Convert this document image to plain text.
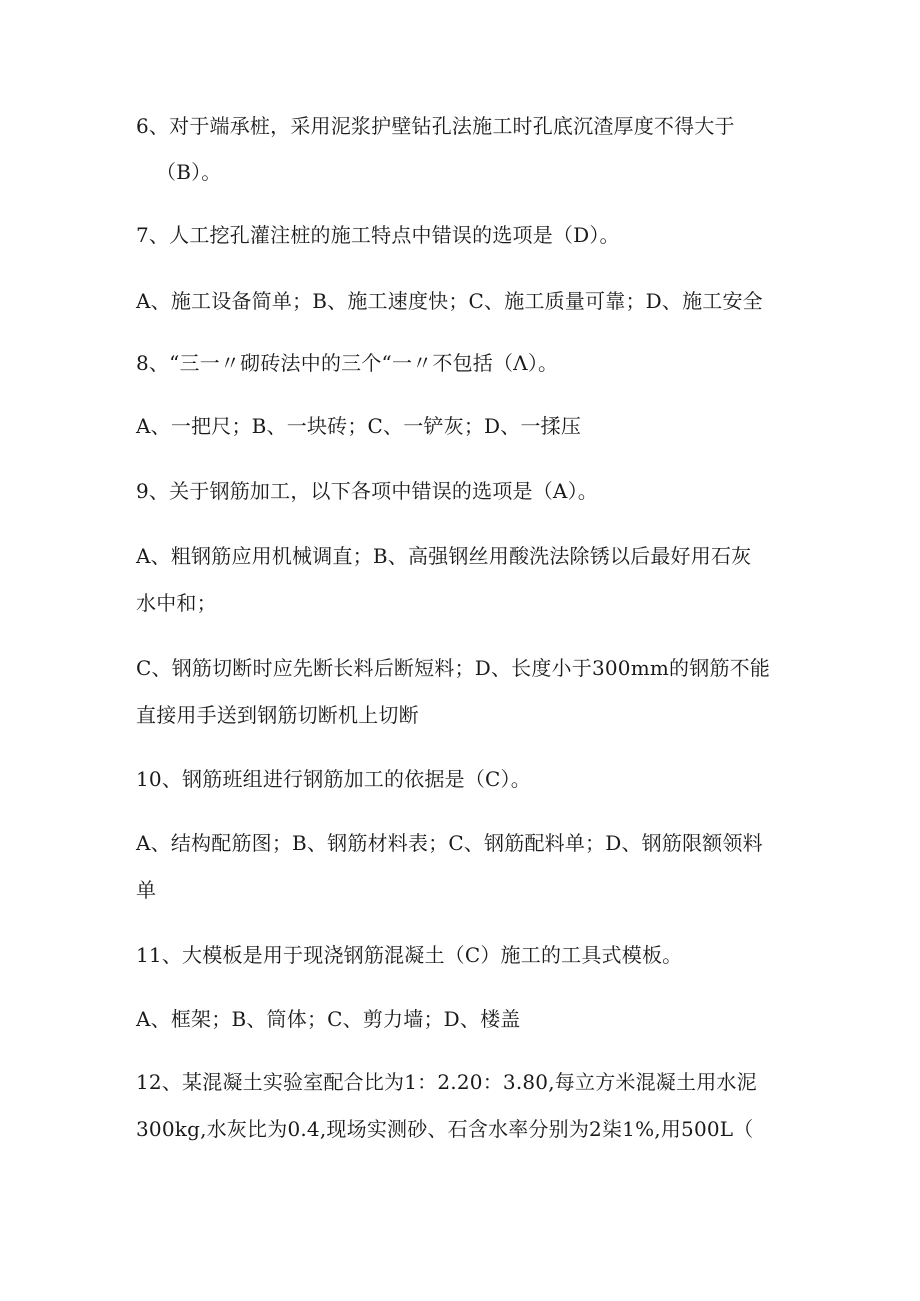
6、对于端承桩，采用泥浆护壁钻孔法施工时孔底沉渣厚度不得大于
（B）。
7、人工挖孔灌注桩的施工特点中错误的选项是（D）。
A、施工设备简单；B、施工速度快；C、施工质量可靠；D、施工安全
8、“三一〃砌砖法中的三个“一〃不包括（Λ）。
A、一把尺；B、一块砖；C、一铲灰；D、一揉压
9、关于钢筋加工，以下各项中错误的选项是（A）。
A、粗钢筋应用机械调直；B、高强钢丝用酸洗法除锈以后最好用石灰
水中和；
C、钢筋切断时应先断长料后断短料；D、长度小于300mm的钢筋不能
直接用手送到钢筋切断机上切断
10、钢筋班组进行钢筋加工的依据是（C）。
A、结构配筋图；B、钢筋材料表；C、钢筋配料单；D、钢筋限额领料
单
11、大模板是用于现浇钢筋混凝土（C）施工的工具式模板。
A、框架；B、筒体；C、剪力墙；D、楼盖
12、某混凝土实验室配合比为1：2.20：3.80,每立方米混凝土用水泥
300kg,水灰比为0.4,现场实测砂、石含水率分别为2柒1%,用500L（
